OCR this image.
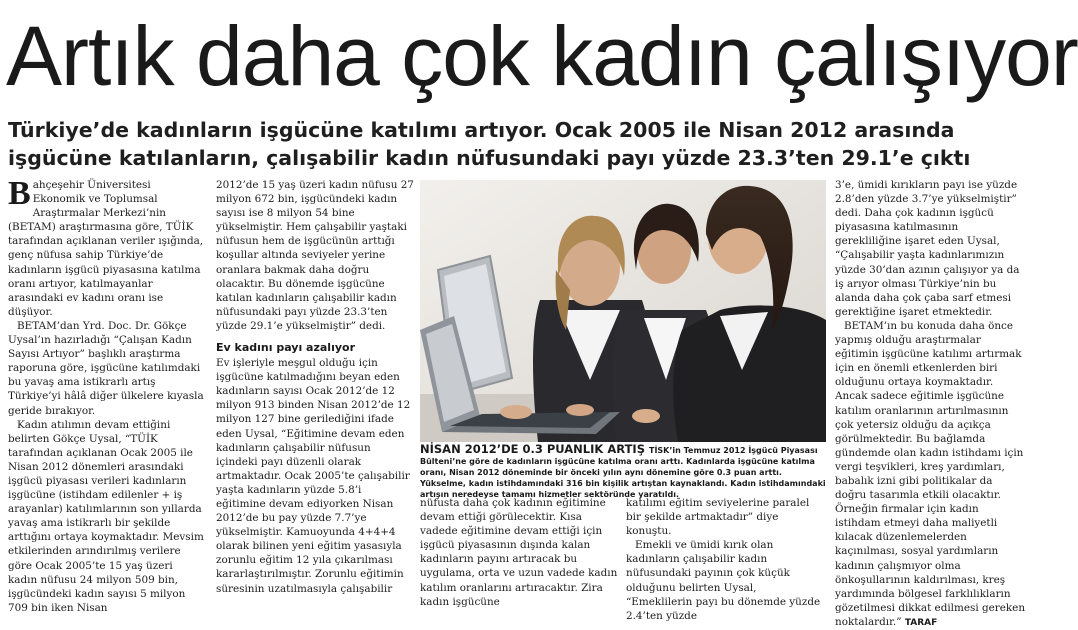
Artık daha çok kadın çalışıyor
Türkiye’de kadınların işgücüne katılımı artıyor. Ocak 2005 ile Nisan 2012 arasında işgücüne katılanların, çalışabilir kadın nüfusundaki payı yüzde 23.3’ten 29.1’e çıktı

Bahçeşehir Üniversitesi Ekonomik ve Toplumsal Araştırmalar Merkezi’nin (BETAM) araştırmasına göre, TÜİK tarafından açıklanan veriler ışığında, genç nüfusa sahip Türkiye’de kadınların işgücü piyasasına katılma oranı artıyor, katılmayanlar arasındaki ev kadını oranı ise düşüyor.

BETAM’dan Yrd. Doc. Dr. Gökçe Uysal’ın hazırladığı “Çalışan Kadın Sayısı Artıyor” başlıklı araştırma raporuna göre, işgücüne katılımdaki bu yavaş ama istikrarlı artış Türkiye’yi hâlâ diğer ülkelere kıyasla geride bırakıyor.

Kadın atılımın devam ettiğini belirten Gökçe Uysal, “TÜİK tarafından açıklanan Ocak 2005 ile Nisan 2012 dönemleri arasındaki işgücü piyasası verileri kadınların işgücüne (istihdam edilenler + iş arayanlar) katılımlarının son yıllarda yavaş ama istikrarlı bir şekilde arttığını ortaya koymaktadır. Mevsim etkilerinden arındırılmış verilere göre Ocak 2005’te 15 yaş üzeri kadın nüfusu 24 milyon 509 bin, işgücündeki kadın sayısı 5 milyon 709 bin iken Nisan

2012’de 15 yaş üzeri kadın nüfusu 27 milyon 672 bin, işgücündeki kadın sayısı ise 8 milyon 54 bine yükselmiştir. Hem çalışabilir yaştaki nüfusun hem de işgücünün arttığı koşullar altında seviyeler yerine oranlara bakmak daha doğru olacaktır. Bu dönemde işgücüne katılan kadınların çalışabilir kadın nüfusundaki payı yüzde 23.3’ten yüzde 29.1’e yükselmiştir” dedi.

Ev kadını payı azalıyor

Ev işleriyle meşgul olduğu için işgücüne katılmadığını beyan eden kadınların sayısı Ocak 2012’de 12 milyon 913 binden Nisan 2012’de 12 milyon 127 bine gerilediğini ifade eden Uysal, “Eğitimine devam eden kadınların çalışabilir nüfusun içindeki payı düzenli olarak artmaktadır. Ocak 2005’te çalışabilir yaşta kadınların yüzde 5.8’i eğitimine devam ediyorken Nisan 2012’de bu pay yüzde 7.7’ye yükselmiştir. Kamuoyunda 4+4+4 olarak bilinen yeni eğitim yasasıyla zorunlu eğitim 12 yıla çıkarılması kararlaştırılmıştır. Zorunlu eğitimin süresinin uzatılmasıyla çalışabilir

NİSAN 2012’DE 0.3 PUANLIK ARTIŞ TİSK’in Temmuz 2012 İşgücü Piyasası Bülteni’ne göre de kadınların işgücüne katılma oranı arttı. Kadınlarda işgücüne katılma oranı, Nisan 2012 döneminde bir önceki yılın aynı dönemine göre 0.3 puan arttı. Yükselme, kadın istihdamındaki 316 bin kişilik artıştan kaynaklandı. Kadın istihdamındaki artışın neredeyse tamamı hizmetler sektöründe yaratıldı.

nüfusta daha çok kadının eğitimine devam ettiği görülecektir. Kısa vadede eğitimine devam ettiği için işgücü piyasasının dışında kalan kadınların payını artıracak bu uygulama, orta ve uzun vadede kadın katılım oranlarını artıracaktır. Zira kadın işgücüne

katılımı eğitim seviyelerine paralel bir şekilde artmaktadır” diye konuştu.

Emekli ve ümidi kırık olan kadınların çalışabilir kadın nüfusundaki payının çok küçük olduğunu belirten Uysal, “Emeklilerin payı bu dönemde yüzde 2.4’ten yüzde

3’e, ümidi kırıkların payı ise yüzde 2.8’den yüzde 3.7’ye yükselmiştir” dedi. Daha çok kadının işgücü piyasasına katılmasının gerekliliğine işaret eden Uysal, “Çalışabilir yaşta kadınlarımızın yüzde 30’dan azının çalışıyor ya da iş arıyor olması Türkiye’nin bu alanda daha çok çaba sarf etmesi gerektiğine işaret etmektedir.

BETAM’ın bu konuda daha önce yapmış olduğu araştırmalar eğitimin işgücüne katılımı artırmak için en önemli etkenlerden biri olduğunu ortaya koymaktadır. Ancak sadece eğitimle işgücüne katılım oranlarının artırılmasının çok yetersiz olduğu da açıkça görülmektedir. Bu bağlamda gündemde olan kadın istihdamı için vergi teşvikleri, kreş yardımları, babalık izni gibi politikalar da doğru tasarımla etkili olacaktır. Örneğin firmalar için kadın istihdam etmeyi daha maliyetli kılacak düzenlemelerden kaçınılması, sosyal yardımların kadının çalışmıyor olma önkoşullarının kaldırılması, kreş yardımında bölgesel farklılıkların gözetilmesi dikkat edilmesi gereken noktalardır.” TARAF
